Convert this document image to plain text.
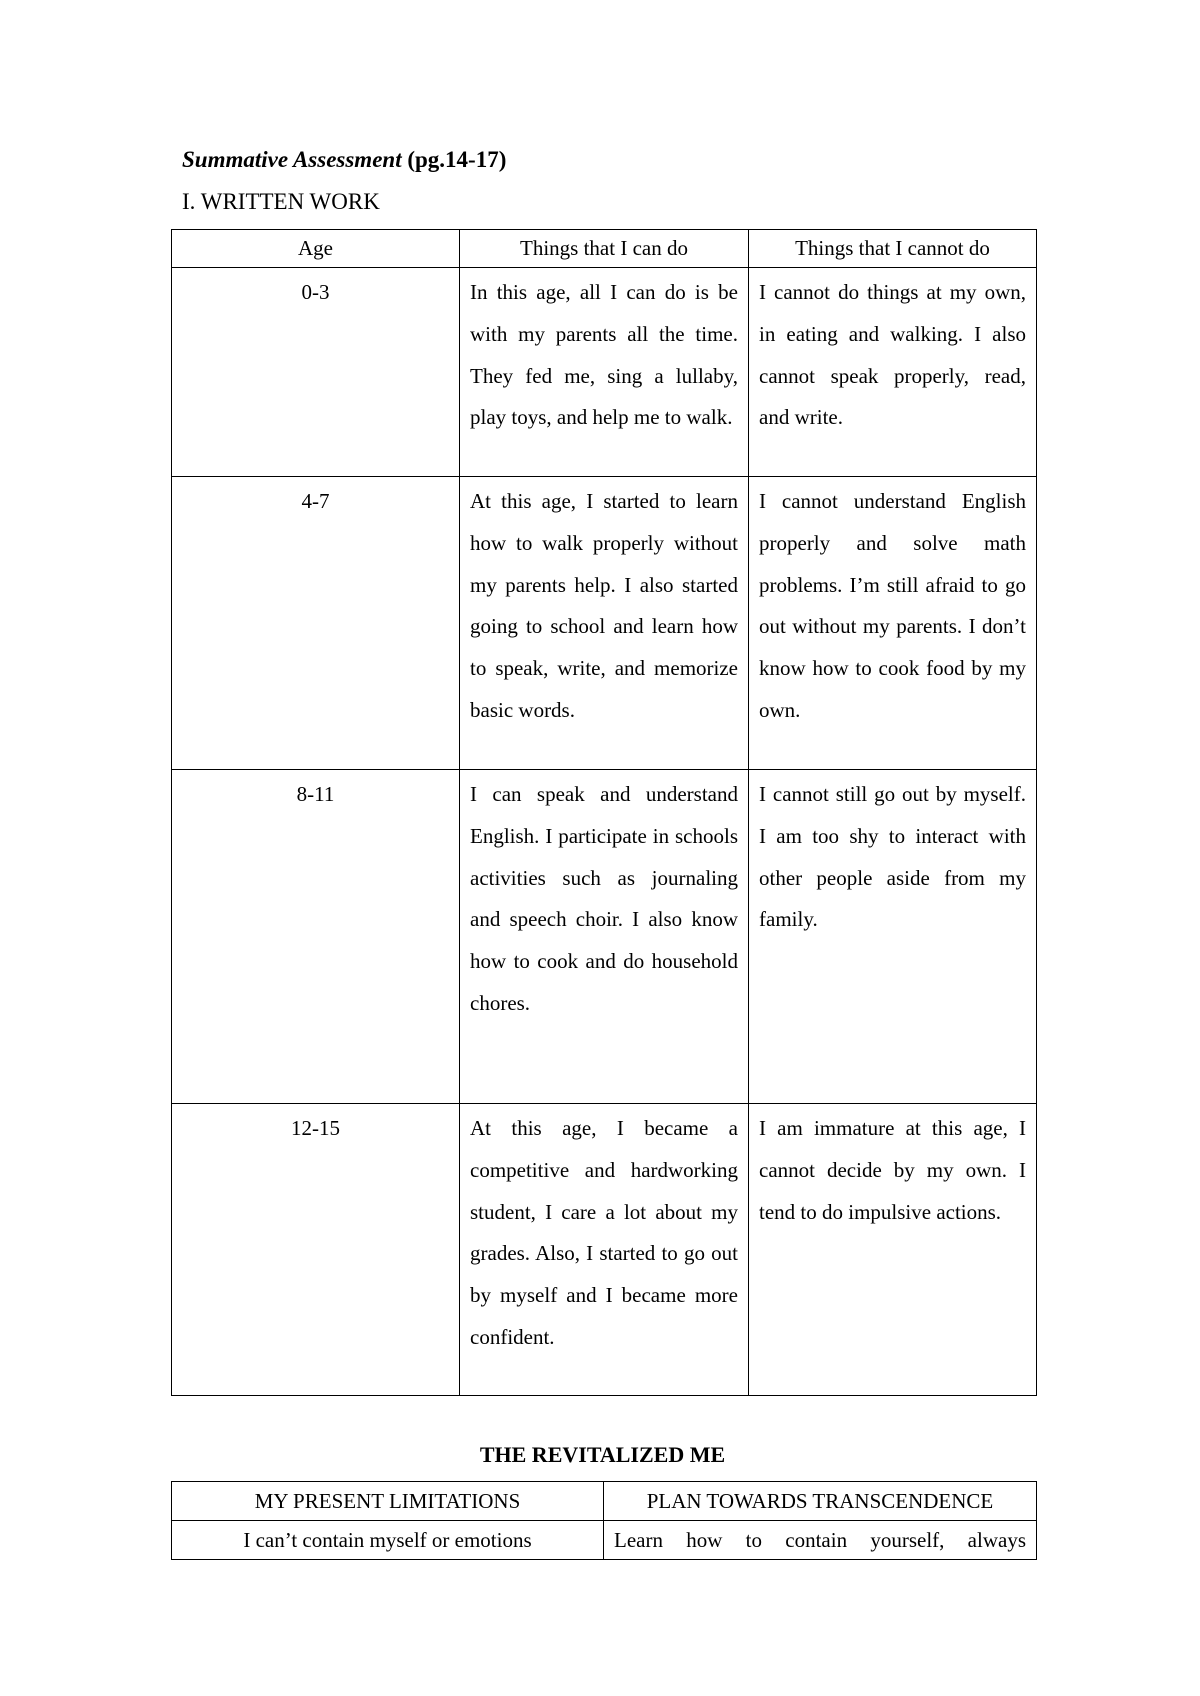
Summative Assessment (pg.14-17)
I. WRITTEN WORK
Age	Things that I can do	Things that I cannot do
0-3	In this age, all I can do is be with my parents all the time. They fed me, sing a lullaby, play toys, and help me to walk.	I cannot do things at my own, in eating and walking. I also cannot speak properly, read, and write.
4-7	At this age, I started to learn how to walk properly without my parents help. I also started going to school and learn how to speak, write, and memorize basic words.	I cannot understand English properly and solve math problems. I’m still afraid to go out without my parents. I don’t know how to cook food by my own.
8-11	I can speak and understand English. I participate in schools activities such as journaling and speech choir. I also know how to cook and do household chores.	I cannot still go out by myself. I am too shy to interact with other people aside from my family.
12-15	At this age, I became a competitive and hardworking student, I care a lot about my grades. Also, I started to go out by myself and I became more confident.	I am immature at this age, I cannot decide by my own. I tend to do impulsive actions.
THE REVITALIZED ME
MY PRESENT LIMITATIONS	PLAN TOWARDS TRANSCENDENCE
I can’t contain myself or emotions	Learn how to contain yourself, always
